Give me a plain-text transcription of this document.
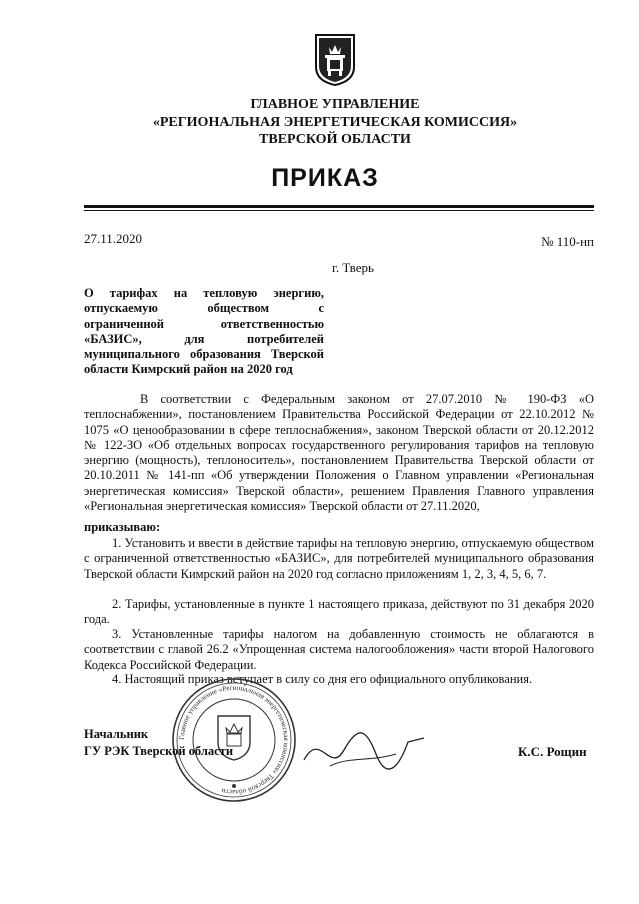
ГЛАВНОЕ УПРАВЛЕНИЕ
«РЕГИОНАЛЬНАЯ ЭНЕРГЕТИЧЕСКАЯ КОМИССИЯ»
ТВЕРСКОЙ ОБЛАСТИ
ПРИКАЗ
27.11.2020	№ 110-нп
г. Тверь
О тарифах на тепловую энергию,
отпускаемую обществом с
ограниченной ответственностью
«БАЗИС», для потребителей
муниципального образования Тверской
области Кимрский район на 2020 год
В соответствии с Федеральным законом от 27.07.2010 № 190-ФЗ «О теплоснабжении», постановлением Правительства Российской Федерации от 22.10.2012 № 1075 «О ценообразовании в сфере теплоснабжения», законом Тверской области от 20.12.2012 № 122-ЗО «Об отдельных вопросах государственного регулирования тарифов на тепловую энергию (мощность), теплоноситель», постановлением Правительства Тверской области от 20.10.2011 № 141-пп «Об утверждении Положения о Главном управлении «Региональная энергетическая комиссия» Тверской области», решением Правления Главного управления «Региональная энергетическая комиссия» Тверской области от 27.11.2020,
приказываю:
1. Установить и ввести в действие тарифы на тепловую энергию, отпускаемую обществом с ограниченной ответственностью «БАЗИС», для потребителей муниципального образования Тверской области Кимрский район на 2020 год согласно приложениям 1, 2, 3, 4, 5, 6, 7.
2. Тарифы, установленные в пункте 1 настоящего приказа, действуют по 31 декабря 2020 года.
3. Установленные тарифы налогом на добавленную стоимость не облагаются в соответствии с главой 26.2 «Упрощенная система налогообложения» части второй Налогового Кодекса Российской Федерации.
4. Настоящий приказ вступает в силу со дня его официального опубликования.
Главное управление «Региональная энергетическая комиссия» Тверской области
Начальник
ГУ РЭК Тверской области	К.С. Рощин
